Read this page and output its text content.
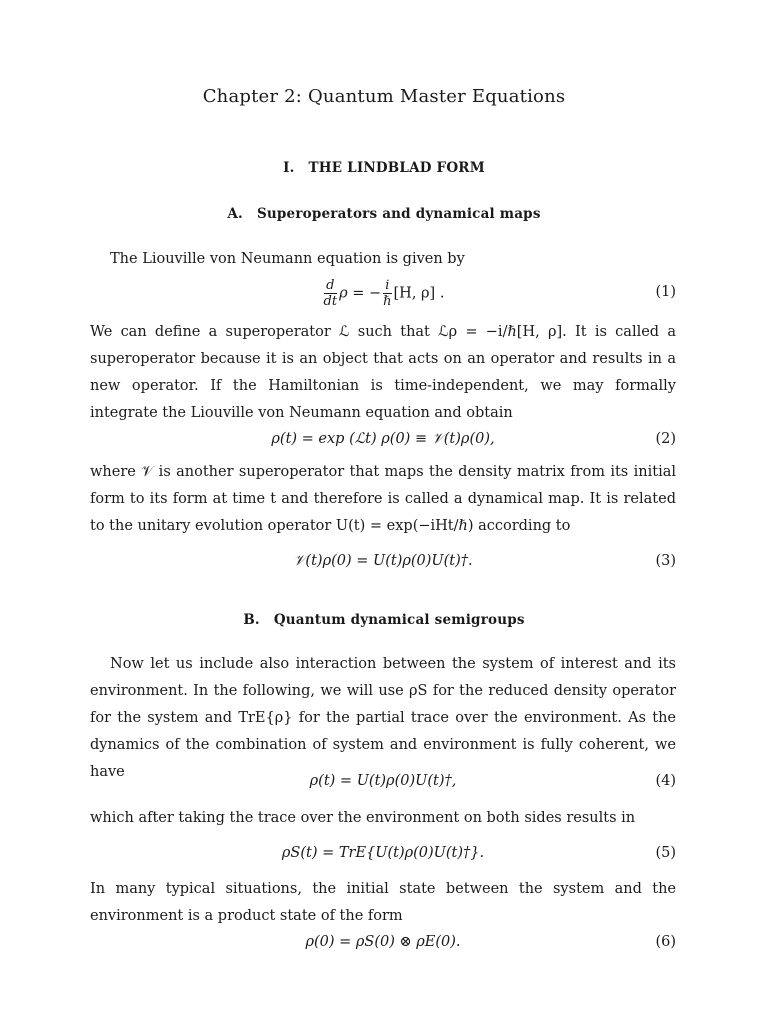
Chapter 2: Quantum Master Equations
I. THE LINDBLAD FORM
A. Superoperators and dynamical maps

The Liouville von Neumann equation is given by

$\frac{d}{dt}$ ρ = − $\frac{i}{\text{ℏ}} [H$, ρ] .	(1)

We can define a superoperator ℒ such that ℒρ = −i/ℏ[H, ρ]. It is called a superoperator because it is an object that acts on an operator and results in a new operator. If the Hamiltonian is time-independent, we may formally integrate the Liouville von Neumann equation and obtain

ρ(t) = exp (ℒt) ρ(0) ≡ 𝒱(t)ρ(0),	(2)

where 𝒱 is another superoperator that maps the density matrix from its initial form to its form at time t and therefore is called a dynamical map. It is related to the unitary evolution operator U(t) = exp(−iHt/ℏ) according to

𝒱(t)ρ(0) = U(t)ρ(0)U(t)†.	(3)
B. Quantum dynamical semigroups

Now let us include also interaction between the system of interest and its environment. In the following, we will use ρS for the reduced density operator for the system and TrE{ρ} for the partial trace over the environment. As the dynamics of the combination of system and environment is fully coherent, we have

ρ(t) = U(t)ρ(0)U(t)†,	(4)

which after taking the trace over the environment on both sides results in

ρS(t) = TrE{U(t)ρ(0)U(t)†}.	(5)

In many typical situations, the initial state between the system and the environment is a product state of the form

ρ(0) = ρS(0) ⊗ ρE(0).	(6)
